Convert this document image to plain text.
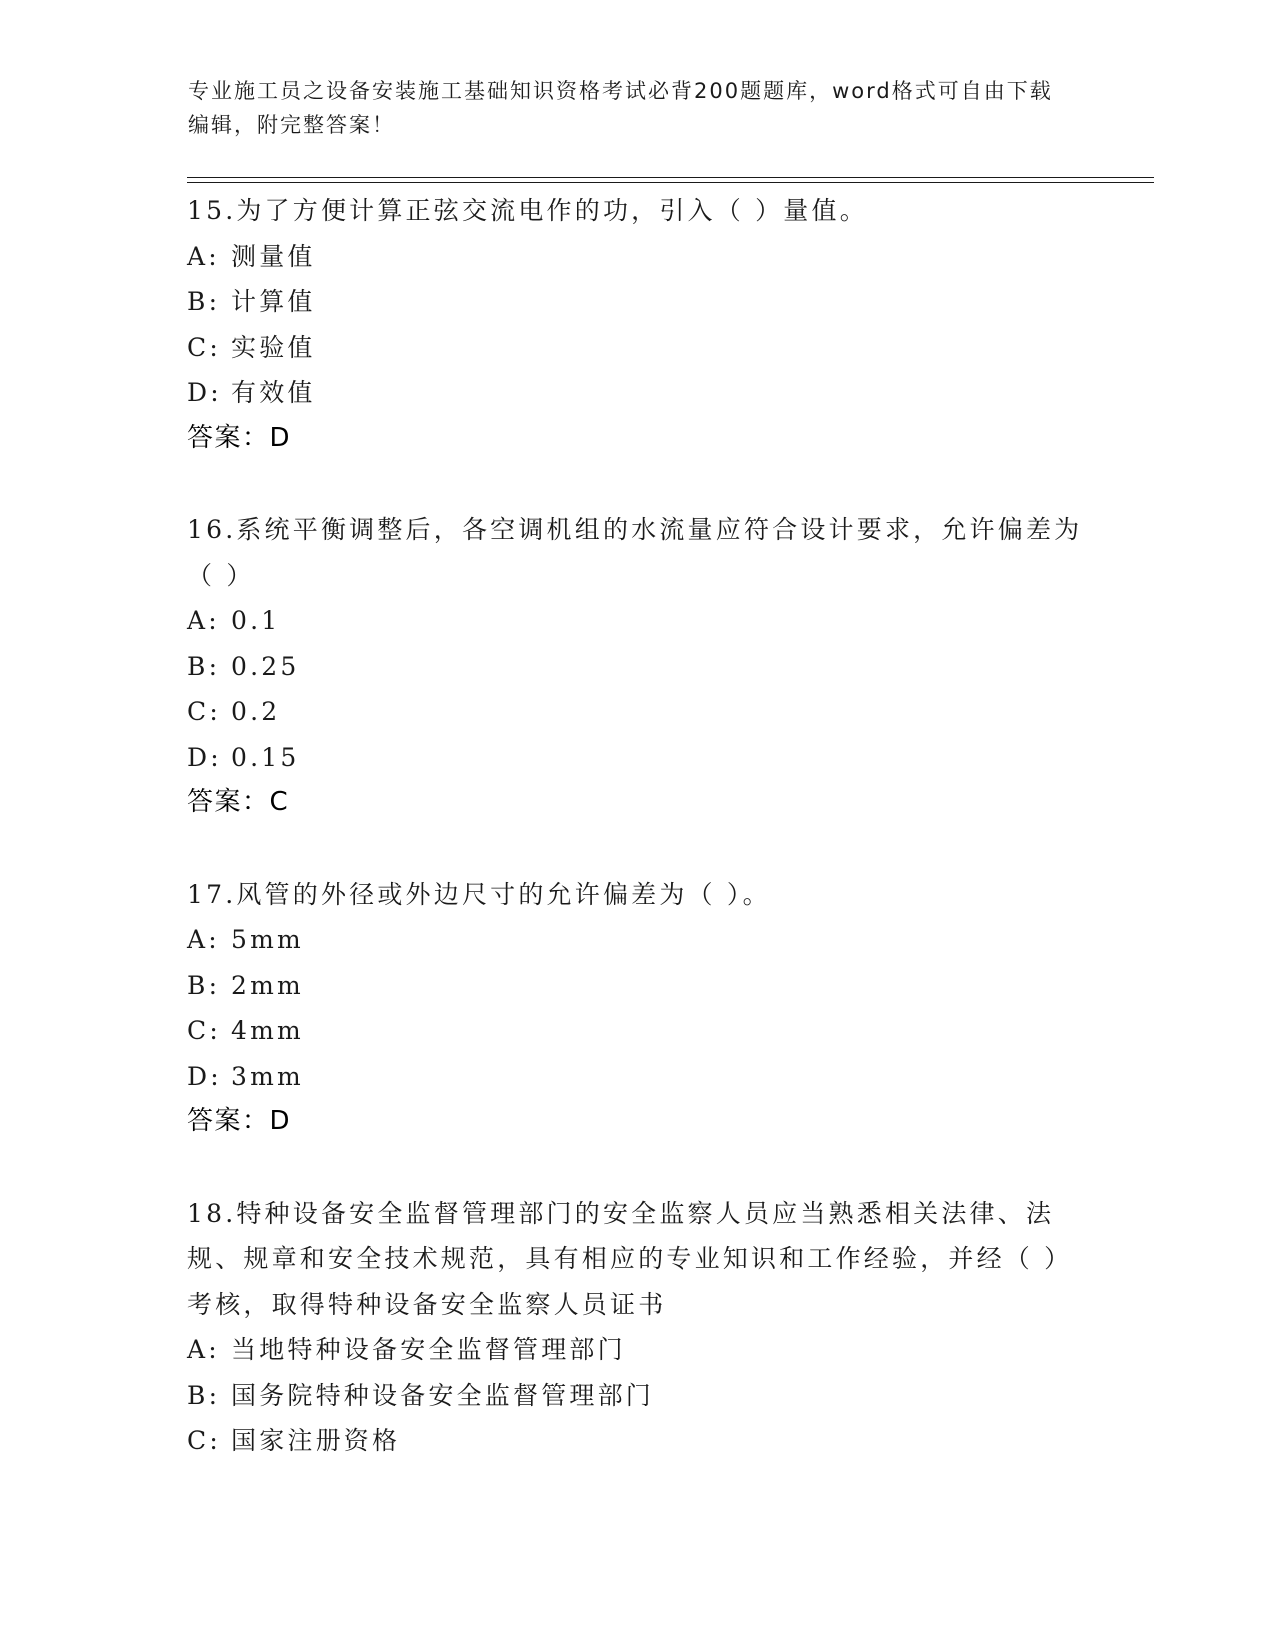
专业施工员之设备安装施工基础知识资格考试必背200题题库，word格式可自由下载编辑，附完整答案！
15.为了方便计算正弦交流电作的功，引入（ ）量值。
A: 测量值
B: 计算值
C: 实验值
D: 有效值
答案：D
16.系统平衡调整后，各空调机组的水流量应符合设计要求，允许偏差为（ ）
A: 0.1
B: 0.25
C: 0.2
D: 0.15
答案：C
17.风管的外径或外边尺寸的允许偏差为（ ）。
A: 5mm
B: 2mm
C: 4mm
D: 3mm
答案：D
18.特种设备安全监督管理部门的安全监察人员应当熟悉相关法律、法规、规章和安全技术规范，具有相应的专业知识和工作经验，并经（ ）考核，取得特种设备安全监察人员证书
A: 当地特种设备安全监督管理部门
B: 国务院特种设备安全监督管理部门
C: 国家注册资格
